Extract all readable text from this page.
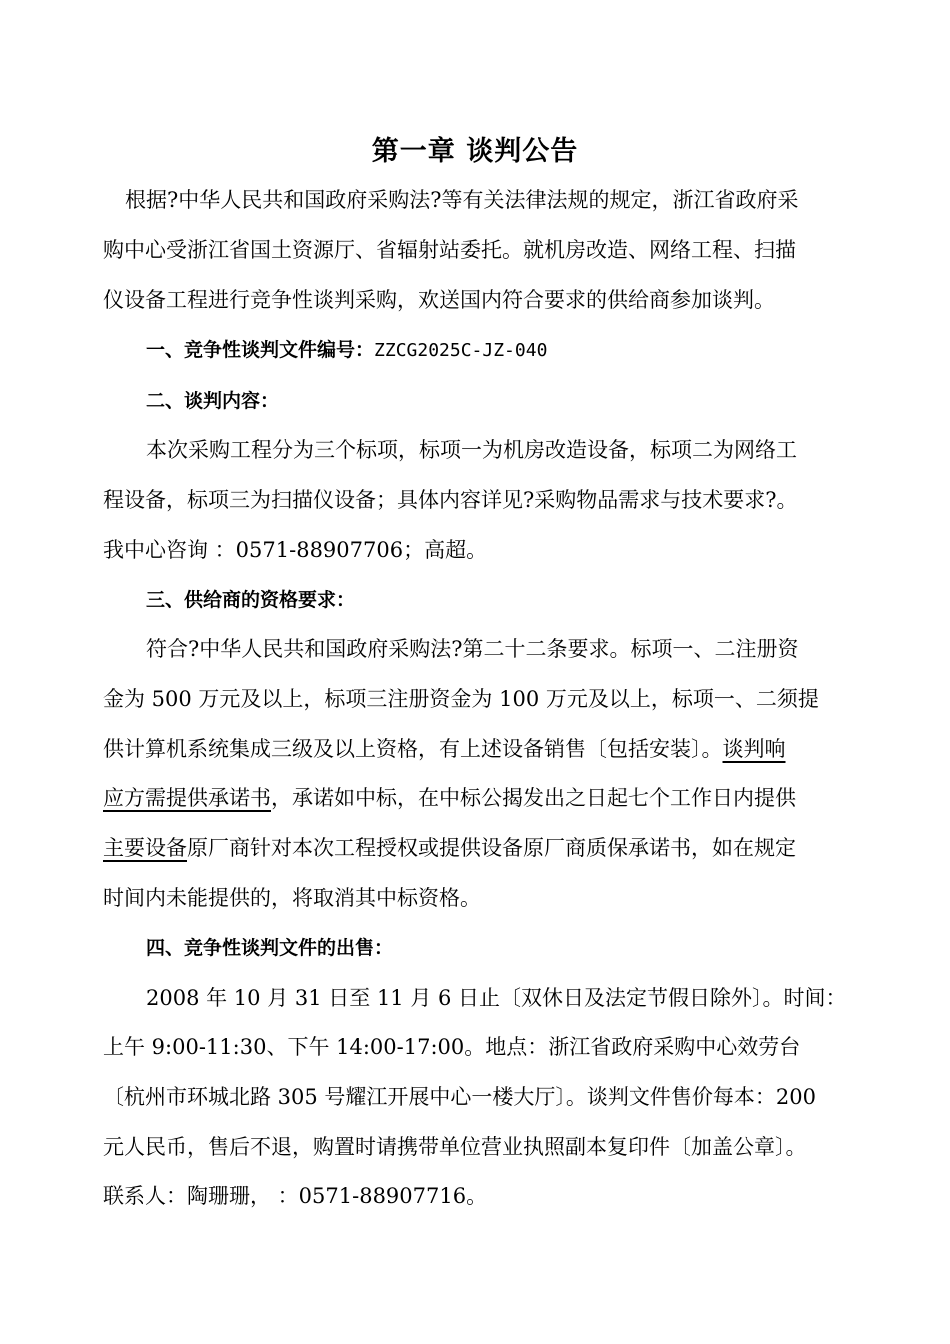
第一章 谈判公告
根据?中华人民共和国政府采购法?等有关法律法规的规定，浙江省政府采
购中心受浙江省国土资源厅、省辐射站委托。就机房改造、网络工程、扫描
仪设备工程进行竞争性谈判采购，欢送国内符合要求的供给商参加谈判。
一、竞争性谈判文件编号：ZZCG2025C-JZ-040
二、谈判内容：
本次采购工程分为三个标项，标项一为机房改造设备，标项二为网络工
程设备，标项三为扫描仪设备；具体内容详见?采购物品需求与技术要求?。
我中心咨询 ：0571-88907706；高超。
三、供给商的资格要求：
符合?中华人民共和国政府采购法?第二十二条要求。标项一、二注册资
金为 500 万元及以上，标项三注册资金为 100 万元及以上，标项一、二须提
供计算机系统集成三级及以上资格，有上述设备销售〔包括安装〕。谈判响
应方需提供承诺书，承诺如中标，在中标公揭发出之日起七个工作日内提供
主要设备原厂商针对本次工程授权或提供设备原厂商质保承诺书，如在规定
时间内未能提供的，将取消其中标资格。
四、竞争性谈判文件的出售：
2008 年 10 月 31 日至 11 月 6 日止〔双休日及法定节假日除外〕。时间：
上午 9:00-11:30、下午 14:00-17:00。地点：浙江省政府采购中心效劳台
〔杭州市环城北路 305 号耀江开展中心一楼大厅〕。谈判文件售价每本：200
元人民币，售后不退，购置时请携带单位营业执照副本复印件〔加盖公章〕。
联系人：陶珊珊， ：0571-88907716。
